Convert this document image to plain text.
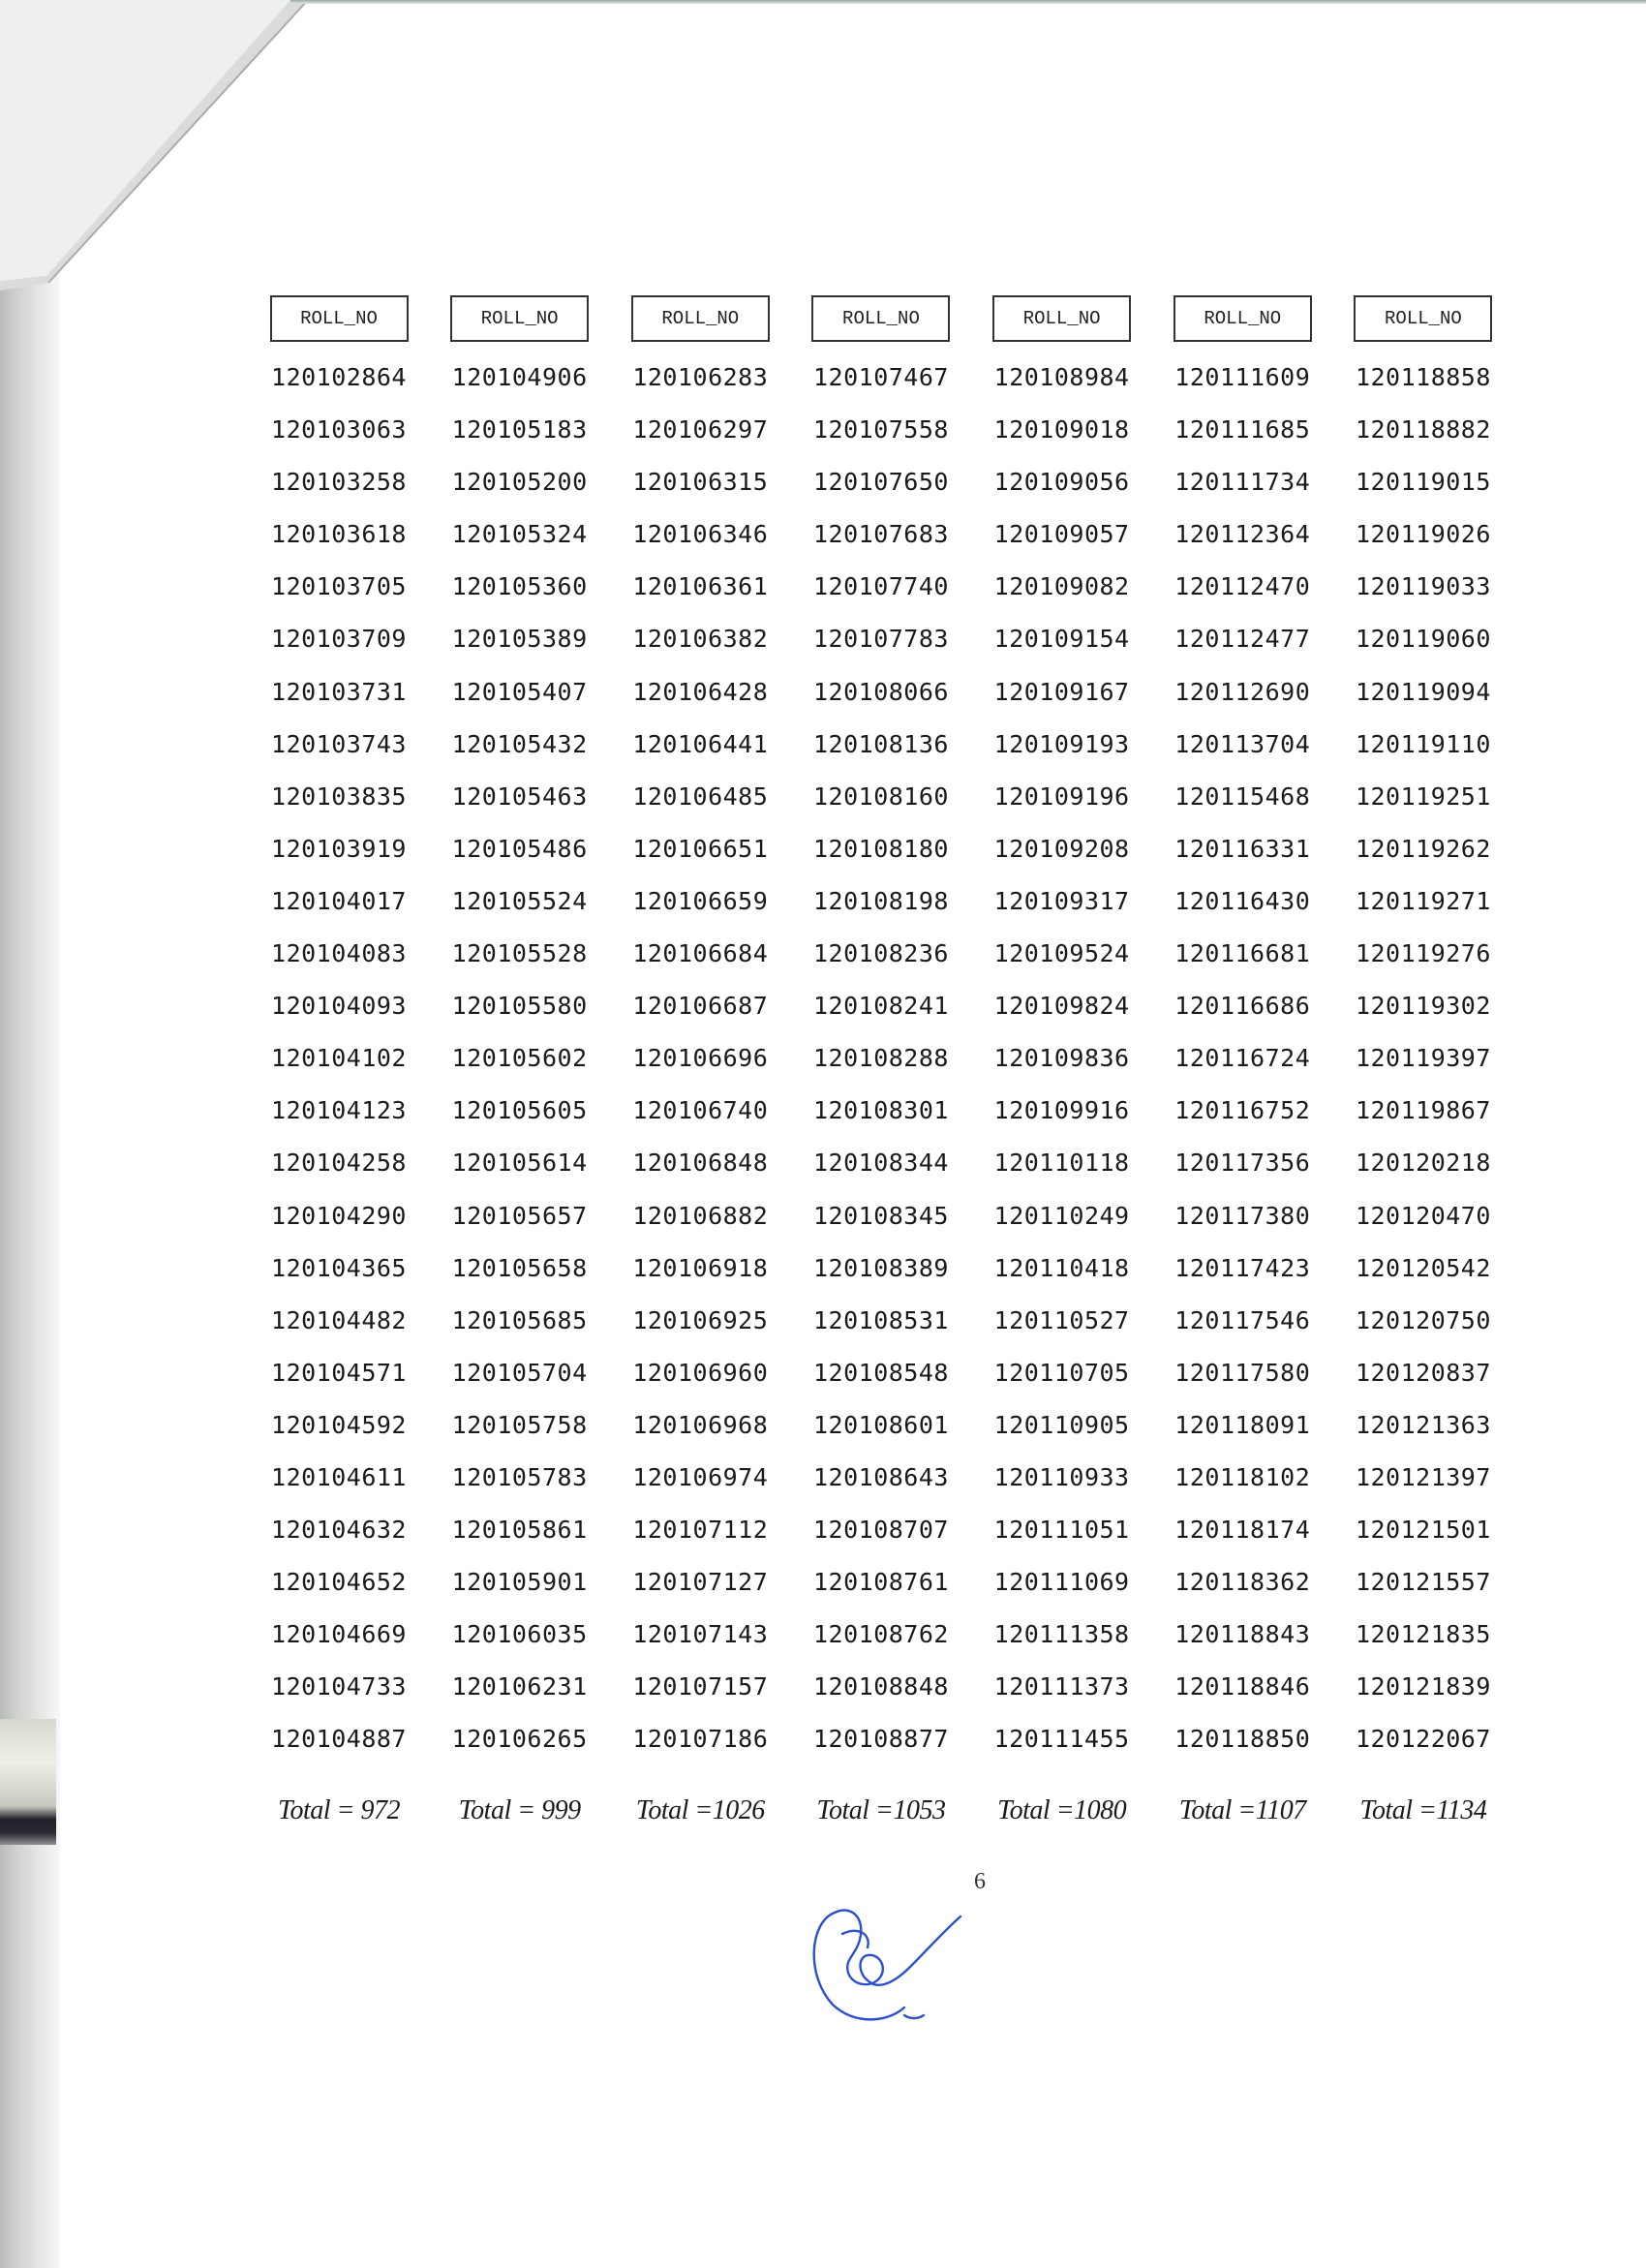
ROLL_NO
120102864
120103063
120103258
120103618
120103705
120103709
120103731
120103743
120103835
120103919
120104017
120104083
120104093
120104102
120104123
120104258
120104290
120104365
120104482
120104571
120104592
120104611
120104632
120104652
120104669
120104733
120104887
Total = 972
ROLL_NO
120104906
120105183
120105200
120105324
120105360
120105389
120105407
120105432
120105463
120105486
120105524
120105528
120105580
120105602
120105605
120105614
120105657
120105658
120105685
120105704
120105758
120105783
120105861
120105901
120106035
120106231
120106265
Total = 999
ROLL_NO
120106283
120106297
120106315
120106346
120106361
120106382
120106428
120106441
120106485
120106651
120106659
120106684
120106687
120106696
120106740
120106848
120106882
120106918
120106925
120106960
120106968
120106974
120107112
120107127
120107143
120107157
120107186
Total =1026
ROLL_NO
120107467
120107558
120107650
120107683
120107740
120107783
120108066
120108136
120108160
120108180
120108198
120108236
120108241
120108288
120108301
120108344
120108345
120108389
120108531
120108548
120108601
120108643
120108707
120108761
120108762
120108848
120108877
Total =1053
ROLL_NO
120108984
120109018
120109056
120109057
120109082
120109154
120109167
120109193
120109196
120109208
120109317
120109524
120109824
120109836
120109916
120110118
120110249
120110418
120110527
120110705
120110905
120110933
120111051
120111069
120111358
120111373
120111455
Total =1080
ROLL_NO
120111609
120111685
120111734
120112364
120112470
120112477
120112690
120113704
120115468
120116331
120116430
120116681
120116686
120116724
120116752
120117356
120117380
120117423
120117546
120117580
120118091
120118102
120118174
120118362
120118843
120118846
120118850
Total =1107
ROLL_NO
120118858
120118882
120119015
120119026
120119033
120119060
120119094
120119110
120119251
120119262
120119271
120119276
120119302
120119397
120119867
120120218
120120470
120120542
120120750
120120837
120121363
120121397
120121501
120121557
120121835
120121839
120122067
Total =1134
6
